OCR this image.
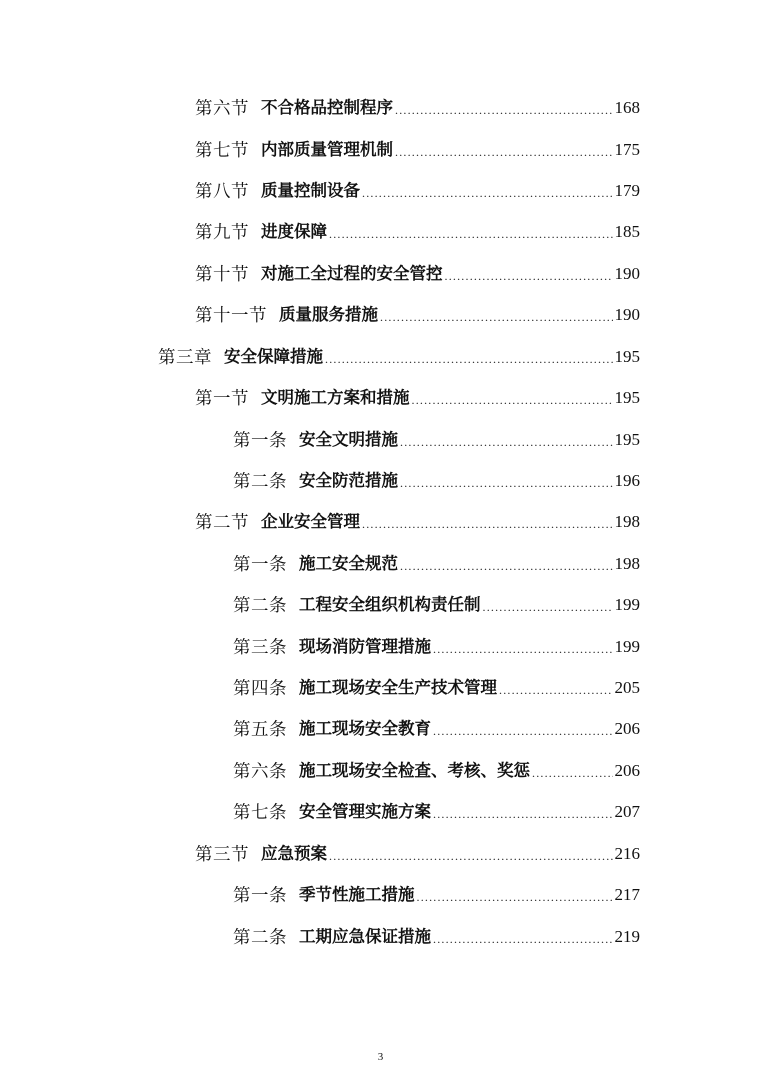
第六节 不合格品控制程序 .....	168
第七节 内部质量管理机制 .....	175
第八节 质量控制设备 .....	179
第九节 进度保障 .....	185
第十节 对施工全过程的安全管控 .....	190
第十一节 质量服务措施 .....	190
第三章 安全保障措施 .....	195
第一节 文明施工方案和措施 .....	195
第一条 安全文明措施 .....	195
第二条 安全防范措施 .....	196
第二节 企业安全管理 .....	198
第一条 施工安全规范 .....	198
第二条 工程安全组织机构责任制 .....	199
第三条 现场消防管理措施 .....	199
第四条 施工现场安全生产技术管理 .....	205
第五条 施工现场安全教育 .....	206
第六条 施工现场安全检查、考核、奖惩 .....	206
第七条 安全管理实施方案 .....	207
第三节 应急预案 .....	216
第一条 季节性施工措施 .....	217
第二条 工期应急保证措施 .....	219
3
